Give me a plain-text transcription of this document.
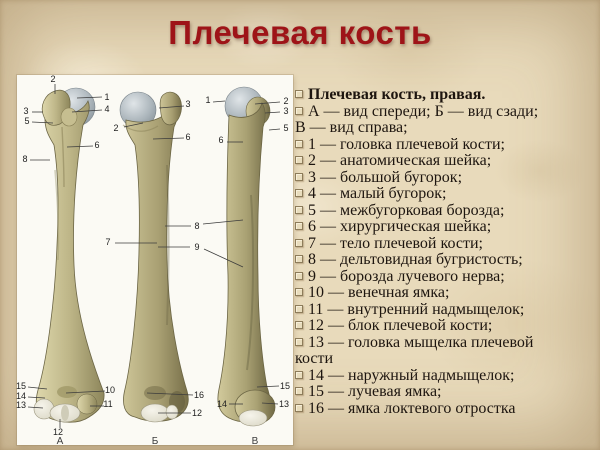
Плечевая кость
2
1
3	4
5
6
8
15
14
13
10
11
12
3
2
6
7
8
9
16
12
1	2
3
5
6
15
14	13
А	Б	В
Плечевая кость, правая.
А — вид спереди; Б — вид сзади;
В — вид справа;
1 — головка плечевой кости;
2 — анатомическая шейка;
3 — большой бугорок;
4 — малый бугорок;
5 — межбугорковая борозда;
6 — хирургическая шейка;
7 — тело плечевой кости;
8 — дельтовидная бугристость;
9 — борозда лучевого нерва;
10 — венечная ямка;
11 — внутренний надмыщелок;
12 — блок плечевой кости;
13 — головка мыщелка плечевой
кости
14 — наружный надмыщелок;
15 — лучевая ямка;
16 — ямка локтевого отростка
